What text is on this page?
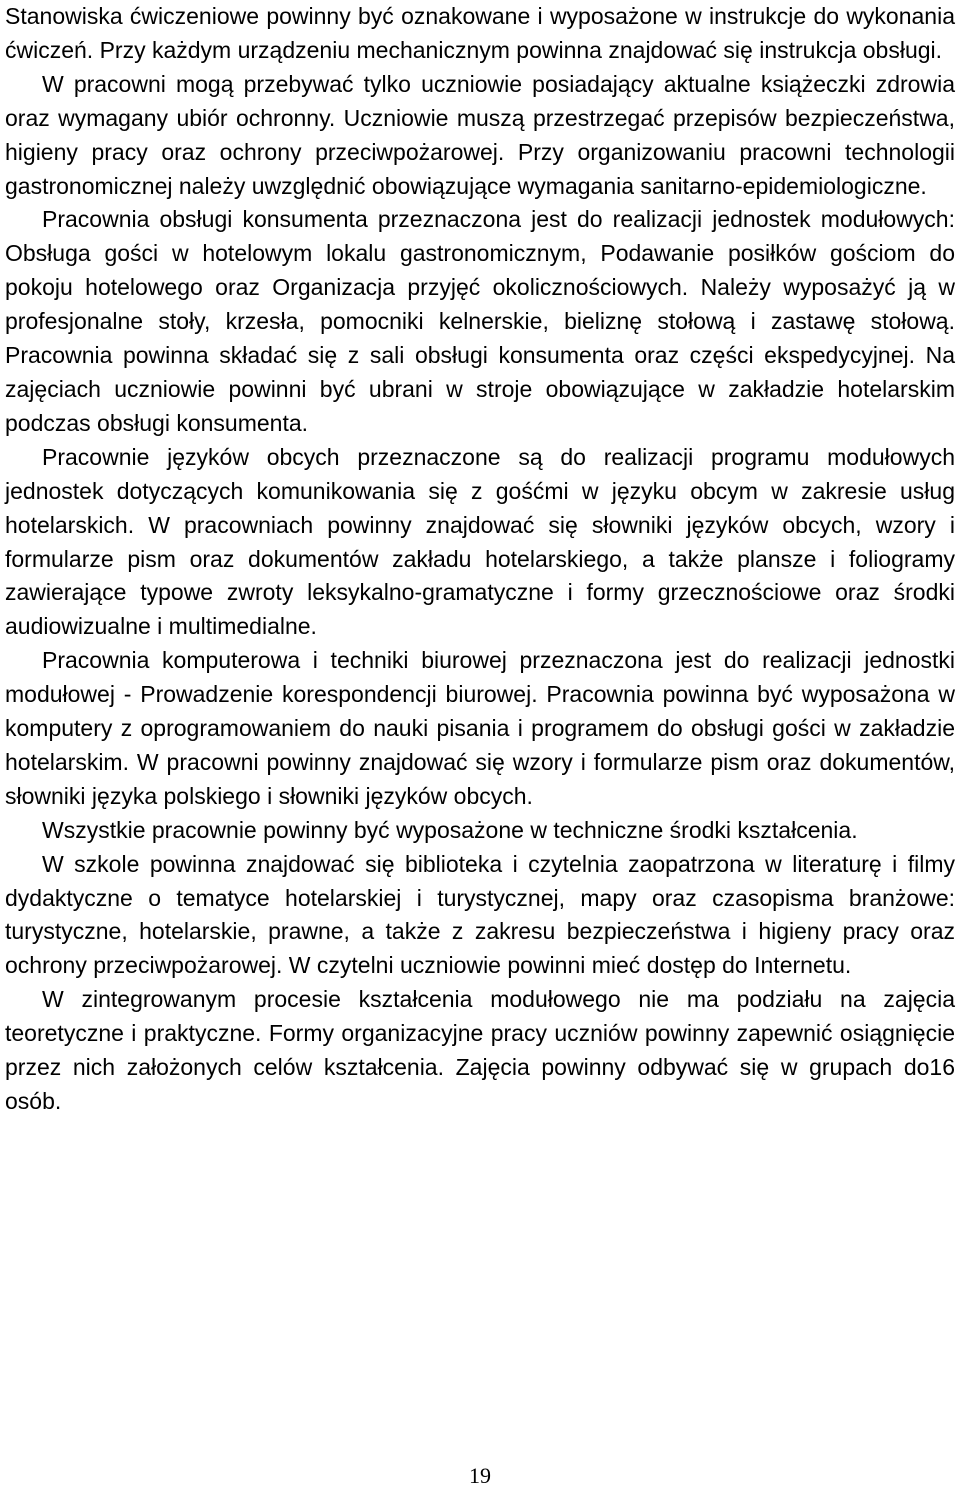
Stanowiska ćwiczeniowe powinny być oznakowane i wyposażone w instrukcje do wykonania ćwiczeń. Przy każdym urządzeniu mechanicznym powinna znajdować się instrukcja obsługi.

W pracowni mogą przebywać tylko uczniowie posiadający aktualne książeczki zdrowia oraz wymagany ubiór ochronny. Uczniowie muszą przestrzegać przepisów bezpieczeństwa, higieny pracy oraz ochrony przeciwpożarowej. Przy organizowaniu pracowni technologii gastronomicznej należy uwzględnić obowiązujące wymagania sanitarno-epidemiologiczne.

Pracownia obsługi konsumenta przeznaczona jest do realizacji jednostek modułowych: Obsługa gości w hotelowym lokalu gastronomicznym, Podawanie posiłków gościom do pokoju hotelowego oraz Organizacja przyjęć okolicznościowych. Należy wyposażyć ją w profesjonalne stoły, krzesła, pomocniki kelnerskie, bieliznę stołową i zastawę stołową. Pracownia powinna składać się z sali obsługi konsumenta oraz części ekspedycyjnej. Na zajęciach uczniowie powinni być ubrani w stroje obowiązujące w zakładzie hotelarskim podczas obsługi konsumenta.

Pracownie języków obcych przeznaczone są do realizacji programu modułowych jednostek dotyczących komunikowania się z gośćmi w języku obcym w zakresie usług hotelarskich. W pracowniach powinny znajdować się słowniki języków obcych, wzory i formularze pism oraz dokumentów zakładu hotelarskiego, a także plansze i foliogramy zawierające typowe zwroty leksykalno-gramatyczne i formy grzecznościowe oraz środki audiowizualne i multimedialne.

Pracownia komputerowa i techniki biurowej przeznaczona jest do realizacji jednostki modułowej - Prowadzenie korespondencji biurowej. Pracownia powinna być wyposażona w komputery z oprogramowaniem do nauki pisania i programem do obsługi gości w zakładzie hotelarskim. W pracowni powinny znajdować się wzory i formularze pism oraz dokumentów, słowniki języka polskiego i słowniki języków obcych.

Wszystkie pracownie powinny być wyposażone w techniczne środki kształcenia.

W szkole powinna znajdować się biblioteka i czytelnia zaopatrzona w literaturę i filmy dydaktyczne o tematyce hotelarskiej i turystycznej, mapy oraz czasopisma branżowe: turystyczne, hotelarskie, prawne, a także z zakresu bezpieczeństwa i higieny pracy oraz ochrony przeciwpożarowej. W czytelni uczniowie powinni mieć dostęp do Internetu.

W zintegrowanym procesie kształcenia modułowego nie ma podziału na zajęcia teoretyczne i praktyczne. Formy organizacyjne pracy uczniów powinny zapewnić osiągnięcie przez nich założonych celów kształcenia. Zajęcia powinny odbywać się w grupach do16 osób.

19
